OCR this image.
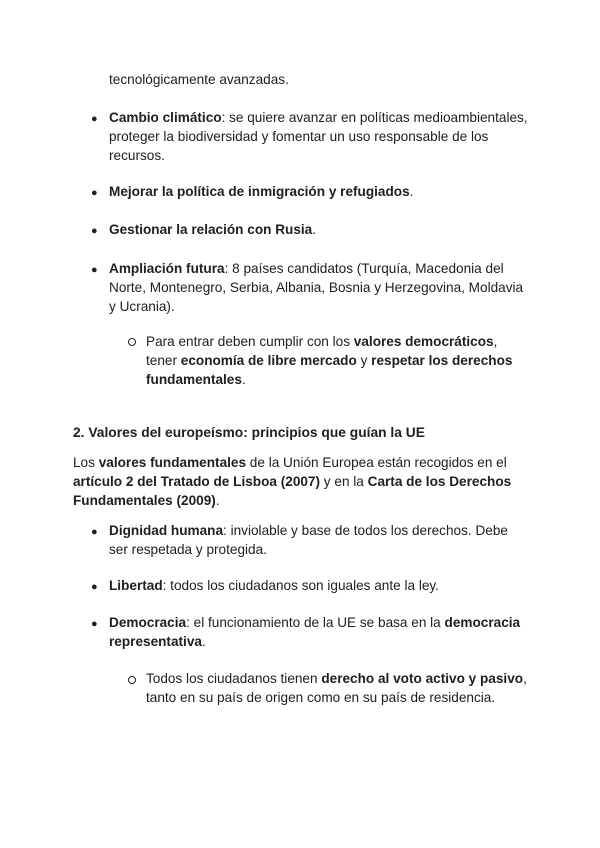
tecnológicamente avanzadas.
● Cambio climático: se quiere avanzar en políticas medioambientales, proteger la biodiversidad y fomentar un uso responsable de los recursos.
● Mejorar la política de inmigración y refugiados.
● Gestionar la relación con Rusia.
● Ampliación futura: 8 países candidatos (Turquía, Macedonia del Norte, Montenegro, Serbia, Albania, Bosnia y Herzegovina, Moldavia y Ucrania).
Para entrar deben cumplir con los valores democráticos, tener economía de libre mercado y respetar los derechos fundamentales.
2. Valores del europeísmo: principios que guían la UE
Los valores fundamentales de la Unión Europea están recogidos en el artículo 2 del Tratado de Lisboa (2007) y en la Carta de los Derechos Fundamentales (2009).
● Dignidad humana: inviolable y base de todos los derechos. Debe ser respetada y protegida.
● Libertad: todos los ciudadanos son iguales ante la ley.
● Democracia: el funcionamiento de la UE se basa en la democracia representativa.
Todos los ciudadanos tienen derecho al voto activo y pasivo, tanto en su país de origen como en su país de residencia.
